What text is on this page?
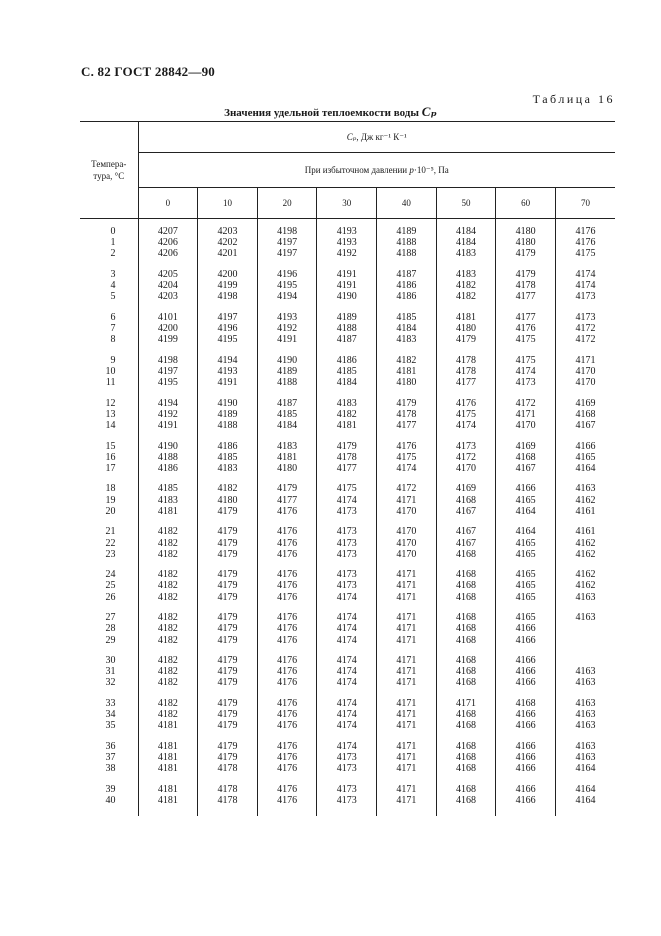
С. 82 ГОСТ 28842—90
Таблица 16
Значения удельной теплоемкости воды Cₚ
Темпера-
тура, °С	Cₚ, Дж кг⁻¹ К⁻¹							
	При избыточном давлении p·10⁻⁵, Па							
	0	10	20	30	40	50	60	70
0	4207	4203	4198	4193	4189	4184	4180	4176
1	4206	4202	4197	4193	4188	4184	4180	4176
2	4206	4201	4197	4192	4188	4183	4179	4175
3	4205	4200	4196	4191	4187	4183	4179	4174
4	4204	4199	4195	4191	4186	4182	4178	4174
5	4203	4198	4194	4190	4186	4182	4177	4173
6	4101	4197	4193	4189	4185	4181	4177	4173
7	4200	4196	4192	4188	4184	4180	4176	4172
8	4199	4195	4191	4187	4183	4179	4175	4172
9	4198	4194	4190	4186	4182	4178	4175	4171
10	4197	4193	4189	4185	4181	4178	4174	4170
11	4195	4191	4188	4184	4180	4177	4173	4170
12	4194	4190	4187	4183	4179	4176	4172	4169
13	4192	4189	4185	4182	4178	4175	4171	4168
14	4191	4188	4184	4181	4177	4174	4170	4167
15	4190	4186	4183	4179	4176	4173	4169	4166
16	4188	4185	4181	4178	4175	4172	4168	4165
17	4186	4183	4180	4177	4174	4170	4167	4164
18	4185	4182	4179	4175	4172	4169	4166	4163
19	4183	4180	4177	4174	4171	4168	4165	4162
20	4181	4179	4176	4173	4170	4167	4164	4161
21	4182	4179	4176	4173	4170	4167	4164	4161
22	4182	4179	4176	4173	4170	4167	4165	4162
23	4182	4179	4176	4173	4170	4168	4165	4162
24	4182	4179	4176	4173	4171	4168	4165	4162
25	4182	4179	4176	4173	4171	4168	4165	4162
26	4182	4179	4176	4174	4171	4168	4165	4163
27	4182	4179	4176	4174	4171	4168	4165	4163
28	4182	4179	4176	4174	4171	4168	4166	
29	4182	4179	4176	4174	4171	4168	4166	
30	4182	4179	4176	4174	4171	4168	4166	
31	4182	4179	4176	4174	4171	4168	4166	4163
32	4182	4179	4176	4174	4171	4168	4166	4163
33	4182	4179	4176	4174	4171	4171	4168	4163
34	4182	4179	4176	4174	4171	4168	4166	4163
35	4181	4179	4176	4174	4171	4168	4166	4163
36	4181	4179	4176	4174	4171	4168	4166	4163
37	4181	4179	4176	4173	4171	4168	4166	4163
38	4181	4178	4176	4173	4171	4168	4166	4164
39	4181	4178	4176	4173	4171	4168	4166	4164
40	4181	4178	4176	4173	4171	4168	4166	4164
